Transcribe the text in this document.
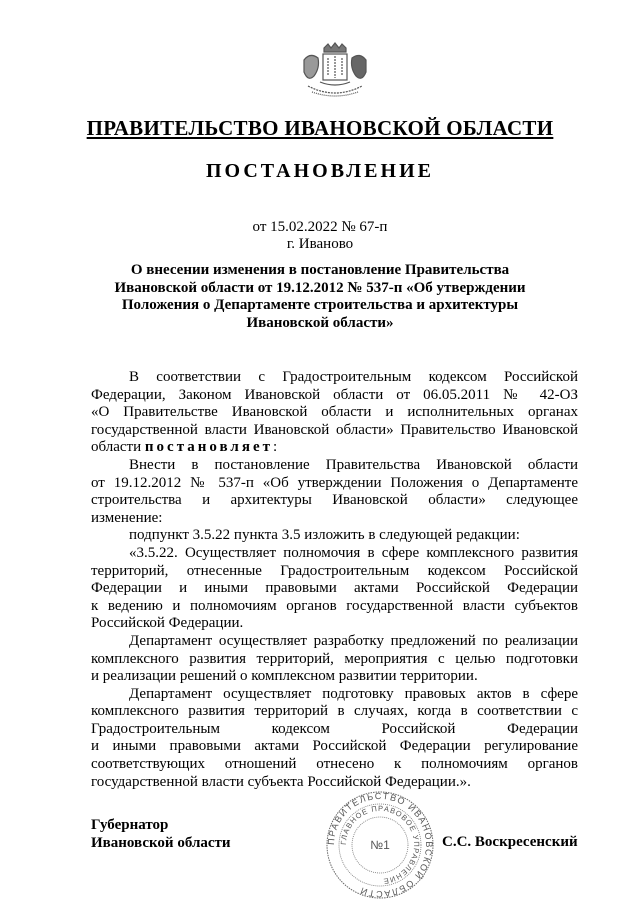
ПРАВИТЕЛЬСТВО ИВАНОВСКОЙ ОБЛАСТИ
ПОСТАНОВЛЕНИЕ
от 15.02.2022 № 67-п
г. Иваново
О внесении изменения в постановление Правительства
Ивановской области от 19.12.2012 № 537-п «Об утверждении
Положения о Департаменте строительства и архитектуры
Ивановской области»
В соответствии с Градостроительным кодексом Российской
Федерации, Законом Ивановской области от 06.05.2011 № 42-ОЗ
«О Правительстве Ивановской области и исполнительных органах
государственной власти Ивановской области» Правительство Ивановской
области постановляет:
Внести в постановление Правительства Ивановской области
от 19.12.2012 № 537-п «Об утверждении Положения о Департаменте
строительства и архитектуры Ивановской области» следующее
изменение:
подпункт 3.5.22 пункта 3.5 изложить в следующей редакции:
«3.5.22. Осуществляет полномочия в сфере комплексного развития
территорий, отнесенные Градостроительным кодексом Российской
Федерации и иными правовыми актами Российской Федерации
к ведению и полномочиям органов государственной власти субъектов
Российской Федерации.
Департамент осуществляет разработку предложений по реализации
комплексного развития территорий, мероприятия с целью подготовки
и реализации решений о комплексном развитии территории.
Департамент осуществляет подготовку правовых актов в сфере
комплексного развития территорий в случаях, когда в соответствии с
Градостроительным кодексом Российской Федерации
и иными правовыми актами Российской Федерации регулирование
соответствующих отношений отнесено к полномочиям органов
государственной власти субъекта Российской Федерации.».
Губернатор
Ивановской области	ПРАВИТЕЛЬСТВО ИВАНОВСКОЙ ОБЛАСТИ
ГЛАВНОЕ ПРАВОВОЕ УПРАВЛЕНИЕ
№1	С.С. Воскресенский
